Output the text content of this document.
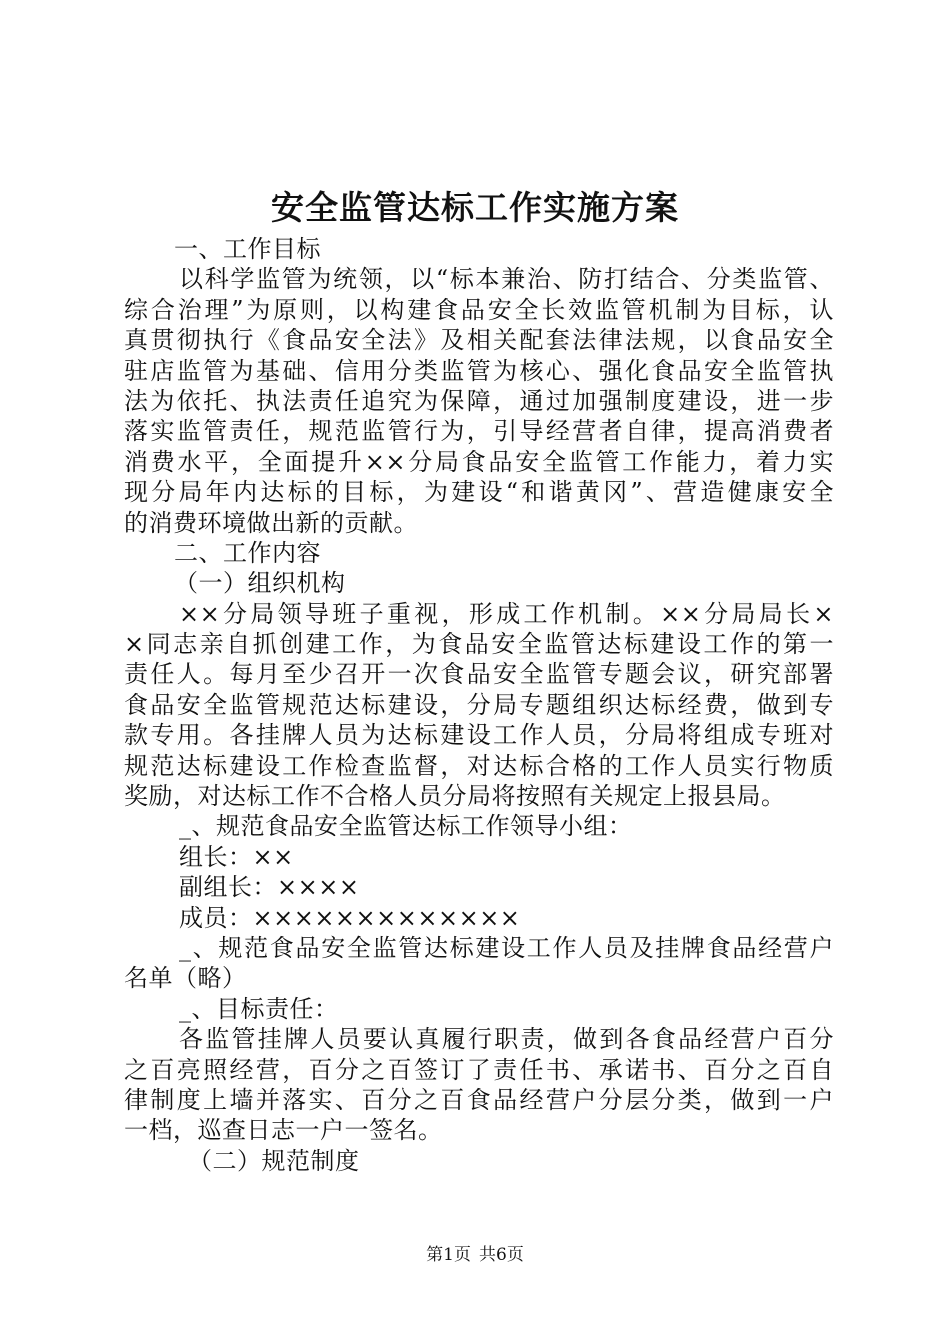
安全监管达标工作实施方案
一、工作目标
以科学监管为统领，以“标本兼治、防打结合、分类监管、
综合治理”为原则，以构建食品安全长效监管机制为目标，认
真贯彻执行《食品安全法》及相关配套法律法规，以食品安全
驻店监管为基础、信用分类监管为核心、强化食品安全监管执
法为依托、执法责任追究为保障，通过加强制度建设，进一步
落实监管责任，规范监管行为，引导经营者自律，提高消费者
消费水平，全面提升××分局食品安全监管工作能力，着力实
现分局年内达标的目标，为建设“和谐黄冈”、营造健康安全
的消费环境做出新的贡献。
二、工作内容
（一）组织机构
××分局领导班子重视，形成工作机制。××分局局长×
×同志亲自抓创建工作，为食品安全监管达标建设工作的第一
责任人。每月至少召开一次食品安全监管专题会议，研究部署
食品安全监管规范达标建设，分局专题组织达标经费，做到专
款专用。各挂牌人员为达标建设工作人员，分局将组成专班对
规范达标建设工作检查监督，对达标合格的工作人员实行物质
奖励，对达标工作不合格人员分局将按照有关规定上报县局。
_、规范食品安全监管达标工作领导小组：
组长：××
副组长：××××
成员：×××××××××××××
_、规范食品安全监管达标建设工作人员及挂牌食品经营户
名单（略）
_、目标责任：
各监管挂牌人员要认真履行职责，做到各食品经营户百分
之百亮照经营，百分之百签订了责任书、承诺书、百分之百自
律制度上墙并落实、百分之百食品经营户分层分类，做到一户
一档，巡查日志一户一签名。
（二）规范制度
第1页 共6页
